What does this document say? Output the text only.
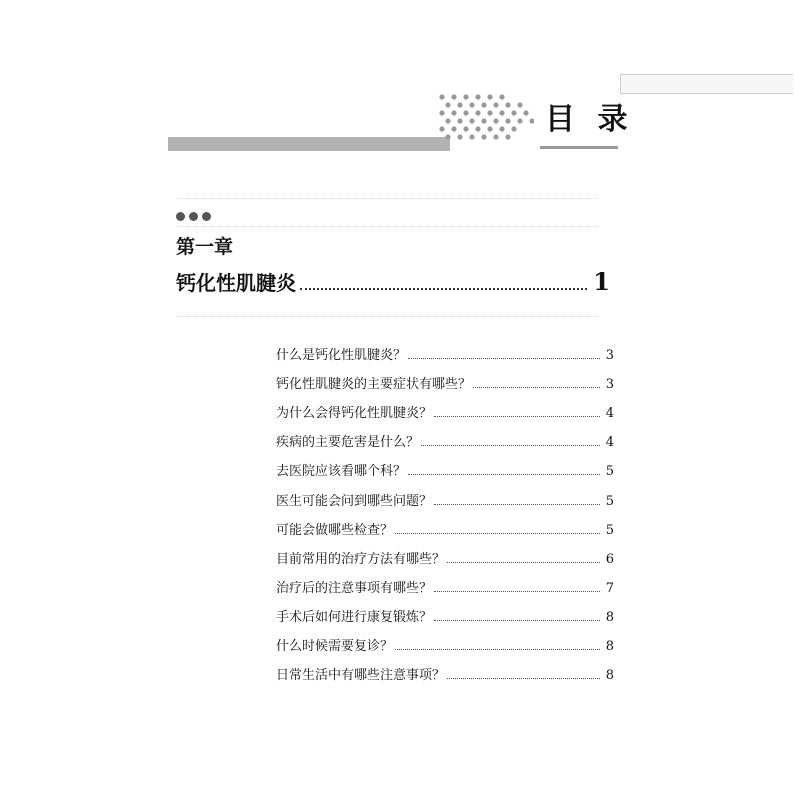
目 录
第一章
钙化性肌腱炎	1
什么是钙化性肌腱炎？	3
钙化性肌腱炎的主要症状有哪些？	3
为什么会得钙化性肌腱炎？	4
疾病的主要危害是什么？	4
去医院应该看哪个科？	5
医生可能会问到哪些问题？	5
可能会做哪些检查？	5
目前常用的治疗方法有哪些？	6
治疗后的注意事项有哪些？	7
手术后如何进行康复锻炼？	8
什么时候需要复诊？	8
日常生活中有哪些注意事项？	8
